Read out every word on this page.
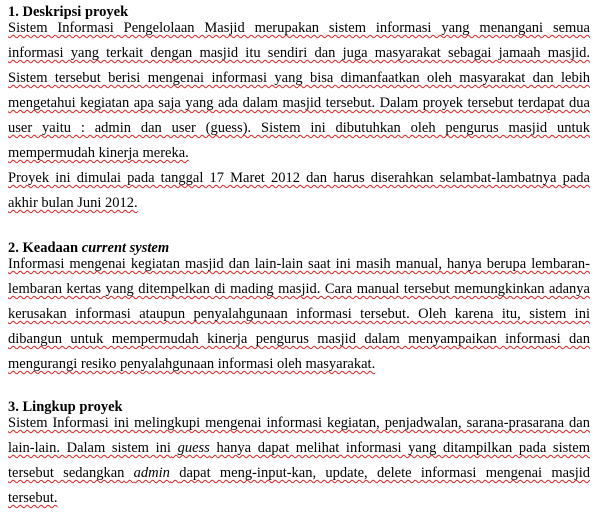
1. Deskripsi proyek
Sistem Informasi Pengelolaan Masjid merupakan sistem informasi yang menangani semua
informasi yang terkait dengan masjid itu sendiri dan juga masyarakat sebagai jamaah masjid.
Sistem tersebut berisi mengenai informasi yang bisa dimanfaatkan oleh masyarakat dan lebih
mengetahui kegiatan apa saja yang ada dalam masjid tersebut. Dalam proyek tersebut terdapat dua
user yaitu : admin dan user (guess). Sistem ini dibutuhkan oleh pengurus masjid untuk
mempermudah kinerja mereka.
Proyek ini dimulai pada tanggal 17 Maret 2012 dan harus diserahkan selambat-lambatnya pada
akhir bulan Juni 2012.
2. Keadaan current system
Informasi mengenai kegiatan masjid dan lain-lain saat ini masih manual, hanya berupa lembaran-
lembaran kertas yang ditempelkan di mading masjid. Cara manual tersebut memungkinkan adanya
kerusakan informasi ataupun penyalahgunaan informasi tersebut. Oleh karena itu, sistem ini
dibangun untuk mempermudah kinerja pengurus masjid dalam menyampaikan informasi dan
mengurangi resiko penyalahgunaan informasi oleh masyarakat.
3. Lingkup proyek
Sistem Informasi ini melingkupi mengenai informasi kegiatan, penjadwalan, sarana-prasarana dan
lain-lain. Dalam sistem ini guess hanya dapat melihat informasi yang ditampilkan pada sistem
tersebut sedangkan admin dapat meng-input-kan, update, delete informasi mengenai masjid
tersebut.
